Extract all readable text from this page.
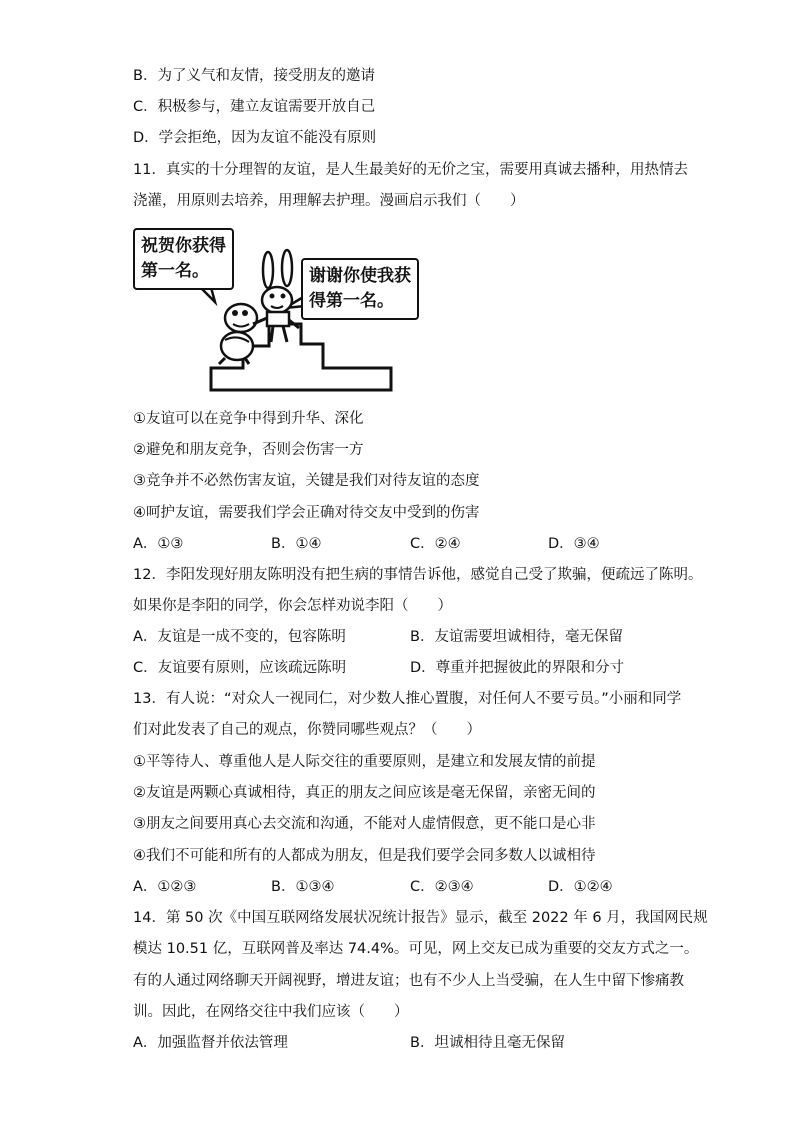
B．为了义气和友情，接受朋友的邀请
C．积极参与，建立友谊需要开放自己
D．学会拒绝，因为友谊不能没有原则
11．真实的十分理智的友谊，是人生最美好的无价之宝，需要用真诚去播种，用热情去
浇灌，用原则去培养，用理解去护理。漫画启示我们（　　）
祝贺你获得
第一名。	谢谢你使我获
得第一名。
①友谊可以在竞争中得到升华、深化
②避免和朋友竞争，否则会伤害一方
③竞争并不必然伤害友谊，关键是我们对待友谊的态度
④呵护友谊，需要我们学会正确对待交友中受到的伤害
A．①③	B．①④	C．②④	D．③④
12．李阳发现好朋友陈明没有把生病的事情告诉他，感觉自己受了欺骗，便疏远了陈明。
如果你是李阳的同学，你会怎样劝说李阳（　　）
A．友谊是一成不变的，包容陈明	B．友谊需要坦诚相待，毫无保留
C．友谊要有原则，应该疏远陈明	D．尊重并把握彼此的界限和分寸
13．有人说：“对众人一视同仁，对少数人推心置腹，对任何人不要亏员。”小丽和同学
们对此发表了自己的观点，你赞同哪些观点？（　　）
①平等待人、尊重他人是人际交往的重要原则，是建立和发展友情的前提
②友谊是两颗心真诚相待，真正的朋友之间应该是毫无保留，亲密无间的
③朋友之间要用真心去交流和沟通，不能对人虚情假意，更不能口是心非
④我们不可能和所有的人都成为朋友，但是我们要学会同多数人以诚相待
A．①②③	B．①③④	C．②③④	D．①②④
14．第 50 次《中国互联网络发展状况统计报告》显示，截至 2022 年 6 月，我国网民规
模达 10.51 亿，互联网普及率达 74.4%。可见，网上交友已成为重要的交友方式之一。
有的人通过网络聊天开阔视野，增进友谊；也有不少人上当受骗，在人生中留下惨痛教
训。因此，在网络交往中我们应该（　　）
A．加强监督并依法管理	B．坦诚相待且毫无保留
